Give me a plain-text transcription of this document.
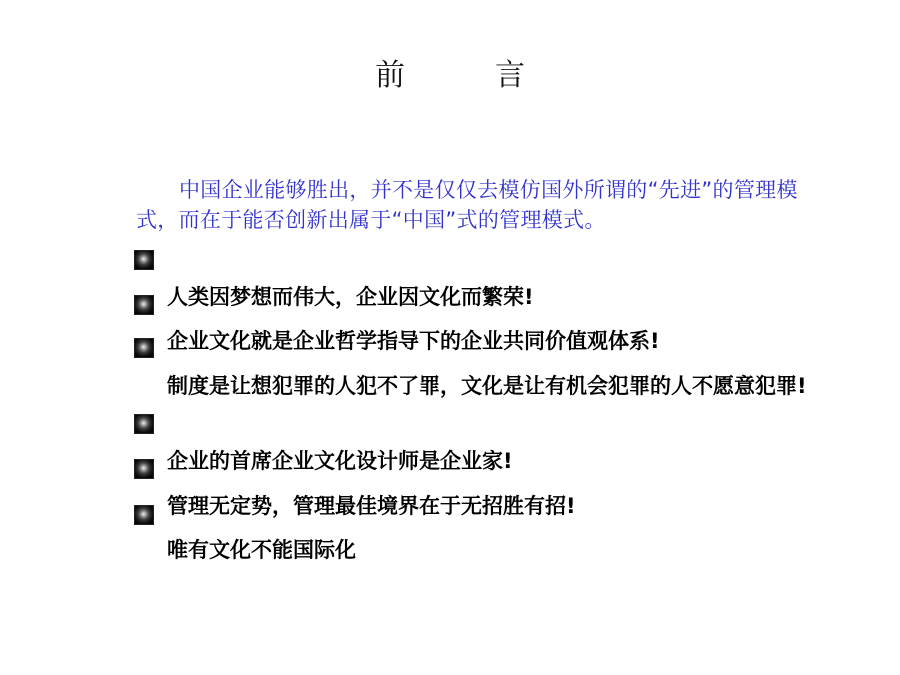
前　言
中国企业能够胜出，并不是仅仅去模仿国外所谓的“先进”的管理模式，而在于能否创新出属于“中国”式的管理模式。
人类因梦想而伟大，企业因文化而繁荣!
企业文化就是企业哲学指导下的企业共同价值观体系!
制度是让想犯罪的人犯不了罪，文化是让有机会犯罪的人不愿意犯罪!
企业的首席企业文化设计师是企业家!
管理无定势，管理最佳境界在于无招胜有招!
唯有文化不能国际化
